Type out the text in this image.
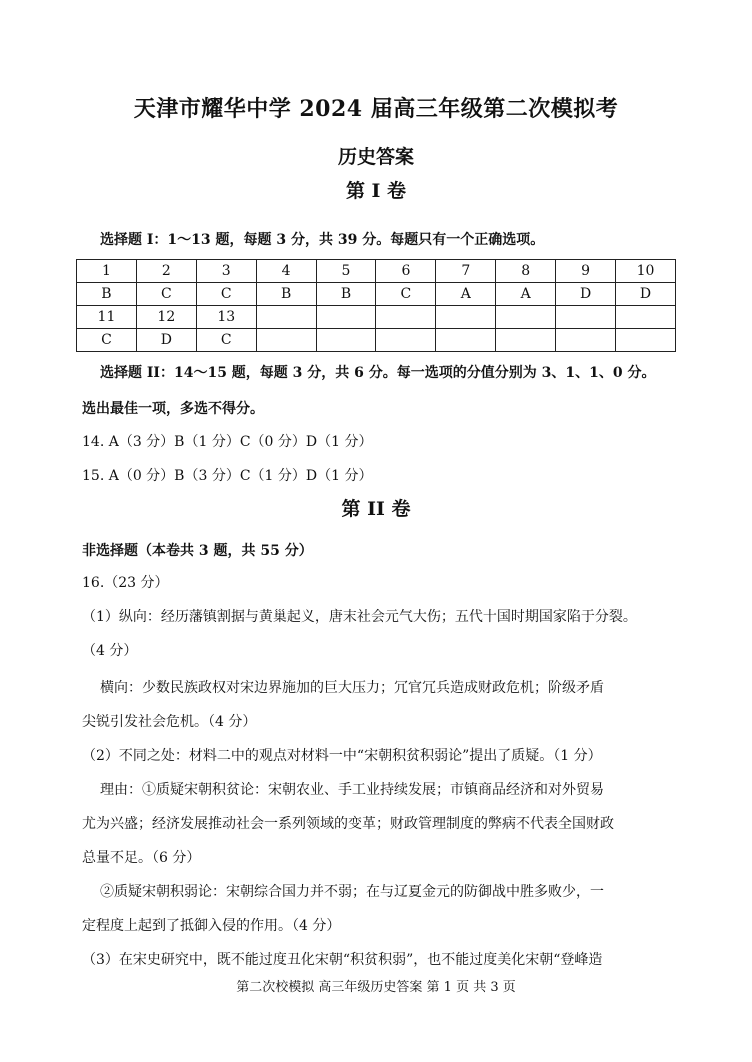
天津市耀华中学 2024 届高三年级第二次模拟考
历史答案
第 I 卷
选择题 I：1～13 题，每题 3 分，共 39 分。每题只有一个正确选项。
1	2	3	4	5	6	7	8	9	10
B	C	C	B	B	C	A	A	D	D
11	12	13							
C	D	C							
选择题 II：14～15 题，每题 3 分，共 6 分。每一选项的分值分别为 3、1、1、0 分。
选出最佳一项，多选不得分。
14. A（3 分）B（1 分）C（0 分）D（1 分）
15. A（0 分）B（3 分）C（1 分）D（1 分）
第 II 卷
非选择题（本卷共 3 题，共 55 分）
16.（23 分）
（1）纵向：经历藩镇割据与黄巢起义，唐末社会元气大伤；五代十国时期国家陷于分裂。
（4 分）
横向：少数民族政权对宋边界施加的巨大压力；冗官冗兵造成财政危机；阶级矛盾
尖锐引发社会危机。（4 分）
（2）不同之处：材料二中的观点对材料一中“宋朝积贫积弱论”提出了质疑。（1 分）
理由：①质疑宋朝积贫论：宋朝农业、手工业持续发展；市镇商品经济和对外贸易
尤为兴盛；经济发展推动社会一系列领域的变革；财政管理制度的弊病不代表全国财政
总量不足。（6 分）
②质疑宋朝积弱论：宋朝综合国力并不弱；在与辽夏金元的防御战中胜多败少，一
定程度上起到了抵御入侵的作用。（4 分）
（3）在宋史研究中，既不能过度丑化宋朝“积贫积弱”，也不能过度美化宋朝“登峰造
第二次校模拟 高三年级历史答案 第 1 页 共 3 页
